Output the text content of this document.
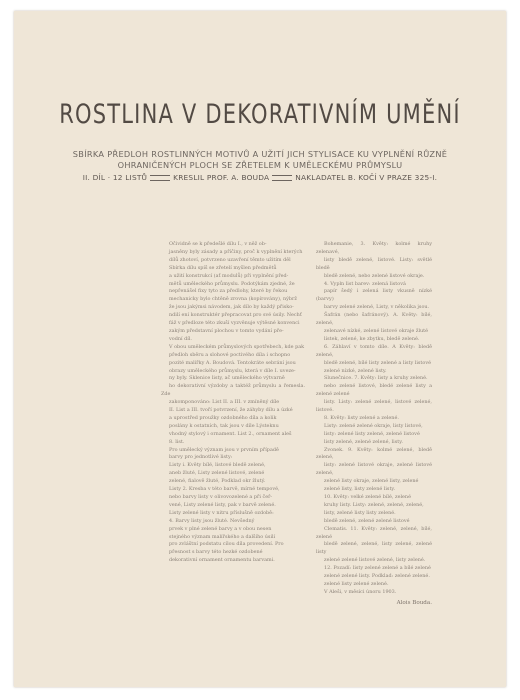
ROSTLINA V DEKORATIVNÍM UMĚNÍ
SBÍRKA PŘEDLOH ROSTLINNÝCH MOTIVŮ A UŽITÍ JICH STYLISACE KU VYPLNĚNÍ RŮZNĚ OHRANIČENÝCH PLOCH SE ZŘETELEM K UMĚLECKÉMU PRŮMYSLU
II. DÍL · 12 LISTŮ	KRESLIL PROF. A. BOUDA	NAKLADATEL B. KOČÍ V PRAZE 325-I.

Očividně se k předešlé dílu I., v něž ob-

jasněny byly zásady a příčiny, proč k vyplnění kterých

dílů zhotoví, potvrzeno uzavření těmto užitím děl

Sbírka dílu spíš se zřetelí myšlen předmětů

a užití konstrukcí (ať modulů) při vyplnění před-

mětů uměleckého průmyslu. Podotýkám zjedné, že

nepřenášel fixy tyto za předlohy, které by řekou

mechanicky bylo chtěně zrovna (kopírovány), nýbrž

že jsou jakýmsi návodem, jak dílo by každý přisko-

ndilí ení konstruktér přepracovat pro své úsily. Nechť

fáž v předloze této zkuší vyzvěnuje výtěsné konvenci

zakým představní plochou v tomto vydání pře-

vodní díl.

V obou uměleckém průmyslových spotřebech, kde pak

předloh sběru a slohové poctivého díla i schopno

pozité malířky A. Boudová. Tentokráte sebrání jsou

obrazy uměleckého průmyslu, která v díle I. uveze-

ny byly. Sklenice listy, ač uměleckého výtvarně

ho dekorativní výzdoby a taktéž průmyslu a řemesla. Zde

zakomponováno: List II. a III. v zmíněný díle

II. List a III. tvoří potvrzení, že záhyby dílu a úzké

a uprostřed proužky ozdobného díla a kolik

poslány k ostatních, tak jsou v díle Lýsteknu

vhodný stylový i ornament. List 2., ornament aleš

8. list.

Pro umělecký význam jsou v prvním případě

barvy pro jednotlivé listy:

Listy i. Květy bílé, listové bledě zelené,

aneb žluté, Listy zelené listové, zelené

zelené, fialově žluté, Podklad okr žlutý.

Listy 2. Kresba v této barvě, mírné tempové,

nebo barvy listy v olivovozelené a při čeř-

vené, Listy zelené listy, pak v barvě zelené.

Listy zelené listy v nitru příslušně ozdobě:

4. Barvy listy jsou žluté. Nevšedný

prvek v plné zelené barvy a v obou nesen

stejného význam malířského a dalšího úsilí

pro zvláštní podstatu cílou díla provedení. Pro

přesnost s barvy této hezké ozdobené

dekorativní ornament ornamentu barvami.

Bohemanie, 3. Květy: kolmé kruhy zelenavé,

listy bledě zelené, listové. Listy: světlé bledě

bledě zelené, nebo zelené listové okraje.

4. Vypln list barev: zelená listová

papír šedý i zelená listy vkusně nízké (barvy)

barvy zelené zelené, Listy, v několika jsou.

Šafrán (nebo šafránový). A. Květy: bílé, zelené,

zelenavé nízké, zelené listové okraje žluté

lístek, zelené, ke zbytku, bledě zelené.

6. Záhlaví v tomto díle. A Květy: bledě zelené,

bledě zelené, bílé listy zelené a listy listové

zelené nízké, zelené listy.

Slunečnice. 7. Květy: listy a kruhy zelené.

nebo zelené listové, bledé zelené listy a zelené zelené

listy. Listy: zelené zelené, listové zelené, listové.

8. Květy: listy zelené a zelené.

Listy: zelené zelené okraje, listy listové,

listy: zelené listy zelené, zelené listové

listy zelené, zelené zelené, listy.

Zvonek. 9. Květy: kolmé zelené, bledě zelené,

listy: zelené listové okraje, zelené listové zelené,

zelené listy okraje, zelené listy, zelené

zelené listy, listy zelené listy.

10. Květy: velké zelené bílé, zelené

kruhy listy. Listy: zelené, zelené, zelené,

listy, zelené listy listy zelené.

bledě zelené, zelené zelené listové

Clematis. 11. Květy: zelené, zelené, bílé, zelené

bledě zelené, zelené, listy zelené, zelené listy

zelené zelené listové zelené, listy zelené.

12. Pozadí: listy zelené zelené a bílé zelené

zelené zelené listy. Podklad: zelené zelené.

zelené listy zelené zelené.

V Aleši, v měsíci únoru 1903.

Alois Bouda.
